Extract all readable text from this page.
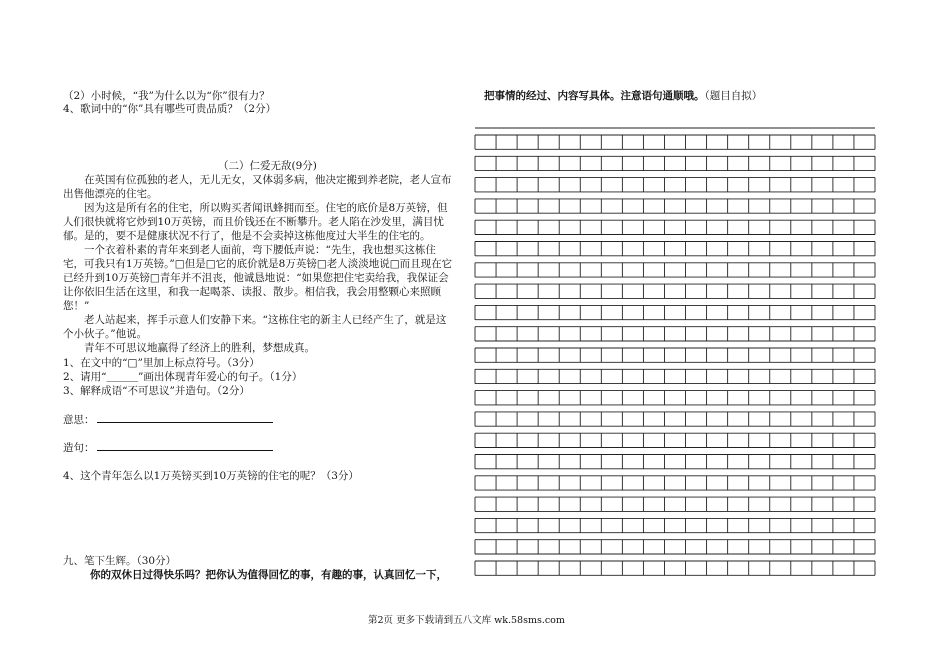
（2）小时候，“我”为什么以为“你”很有力？
4、歌词中的“你”具有哪些可贵品质？（2分）
（二）仁爱无敌(9分)
在英国有位孤独的老人，无儿无女，又体弱多病，他决定搬到养老院，老人宣布出售他漂亮的住宅。
因为这是所有名的住宅，所以购买者闻讯蜂拥而至。住宅的底价是8万英镑，但人们很快就将它炒到10万英镑，而且价钱还在不断攀升。老人陷在沙发里，满目忧郁。是的，要不是健康状况不行了，他是不会卖掉这栋他度过大半生的住宅的。
一个衣着朴素的青年来到老人面前，弯下腰低声说：“先生，我也想买这栋住宅，可我只有1万英镑。”□但是□它的底价就是8万英镑□老人淡淡地说□而且现在它已经升到10万英镑□青年并不沮丧，他诚恳地说：“如果您把住宅卖给我，我保证会让你依旧生活在这里，和我一起喝茶、读报、散步。相信我，我会用整颗心来照顾您！”
老人站起来，挥手示意人们安静下来。“这栋住宅的新主人已经产生了，就是这个小伙子。”他说。
青年不可思议地赢得了经济上的胜利，梦想成真。
1、在文中的“□”里加上标点符号。（3分）
2、请用“＿＿＿”画出体现青年爱心的句子。（1分）
3、解释成语“不可思议”并造句。（2分）
意思：
造句：
4、这个青年怎么以1万英镑买到10万英镑的住宅的呢？（3分）
九、笔下生辉。（30分）
你的双休日过得快乐吗？把你认为值得回忆的事，有趣的事，认真回忆一下，
把事情的经过、内容写具体。注意语句通顺哦。（题目自拟）
第2页 更多下载请到五八文库 wk.58sms.com
